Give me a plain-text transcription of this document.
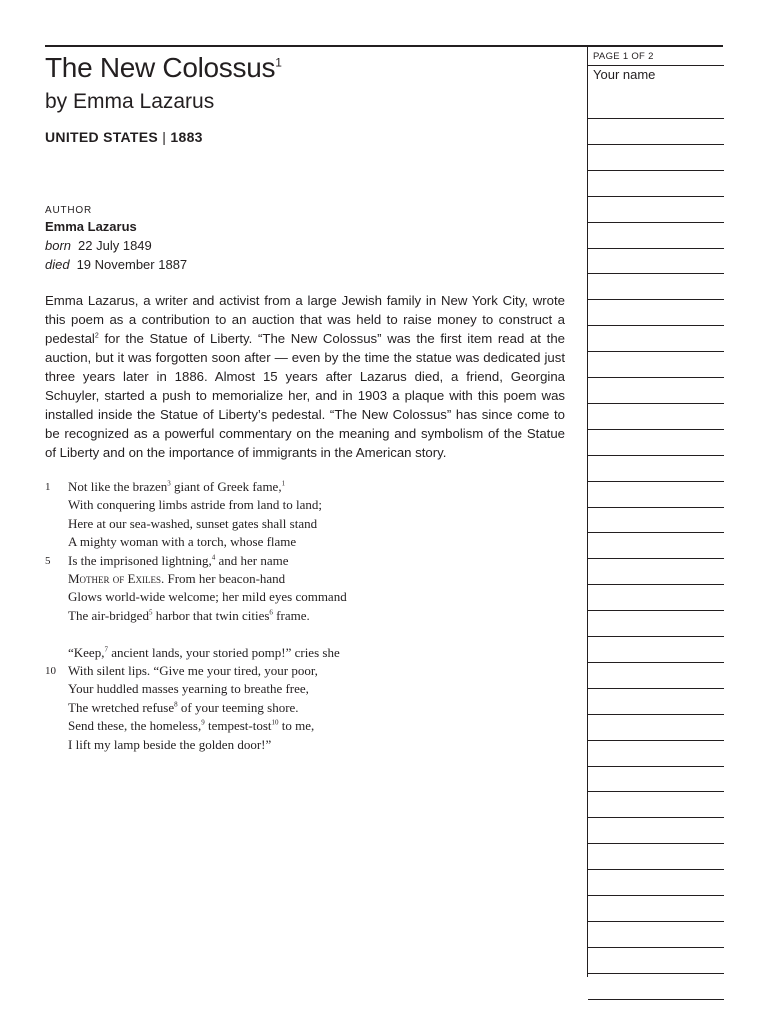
The New Colossus$^1$
by Emma Lazarus
UNITED STATES | 1883
AUTHOR
Emma Lazarus
born 22 July 1849
died 19 November 1887

Emma Lazarus, a writer and activist from a large Jewish family in New York City, wrote this poem as a contribution to an auction that was held to raise money to construct a pedestal$^2$ for the Statue of Liberty. “The New Colossus” was the first item read at the auction, but it was forgotten soon after — even by the time the statue was dedicated just three years later in 1886. Almost 15 years after Lazarus died, a friend, Georgina Schuyler, started a push to memorialize her, and in 1903 a plaque with this poem was installed inside the Statue of Liberty’s pedestal. “The New Colossus” has since come to be recognized as a powerful commentary on the meaning and symbolism of the Statue of Liberty and on the importance of immigrants in the American story.

1	Not like the brazen$^3$ giant of Greek fame,$^1$
With conquering limbs astride from land to land;
Here at our sea-washed, sunset gates shall stand
A mighty woman with a torch, whose flame
5	Is the imprisoned lightning,$^4$ and her name
Mother of Exiles. From her beacon-hand
Glows world-wide welcome; her mild eyes command
The air-bridged$^5$ harbor that twin cities$^6$ frame.
“Keep,$^7$ ancient lands, your storied pomp!” cries she
10 With silent lips. “Give me your tired, your poor,
Your huddled masses yearning to breathe free,
The wretched refuse$^8$ of your teeming shore.
Send these, the homeless,$^9$ tempest-tost$^{10}$ to me,
I lift my lamp beside the golden door!”
PAGE 1 OF 2
Your name
